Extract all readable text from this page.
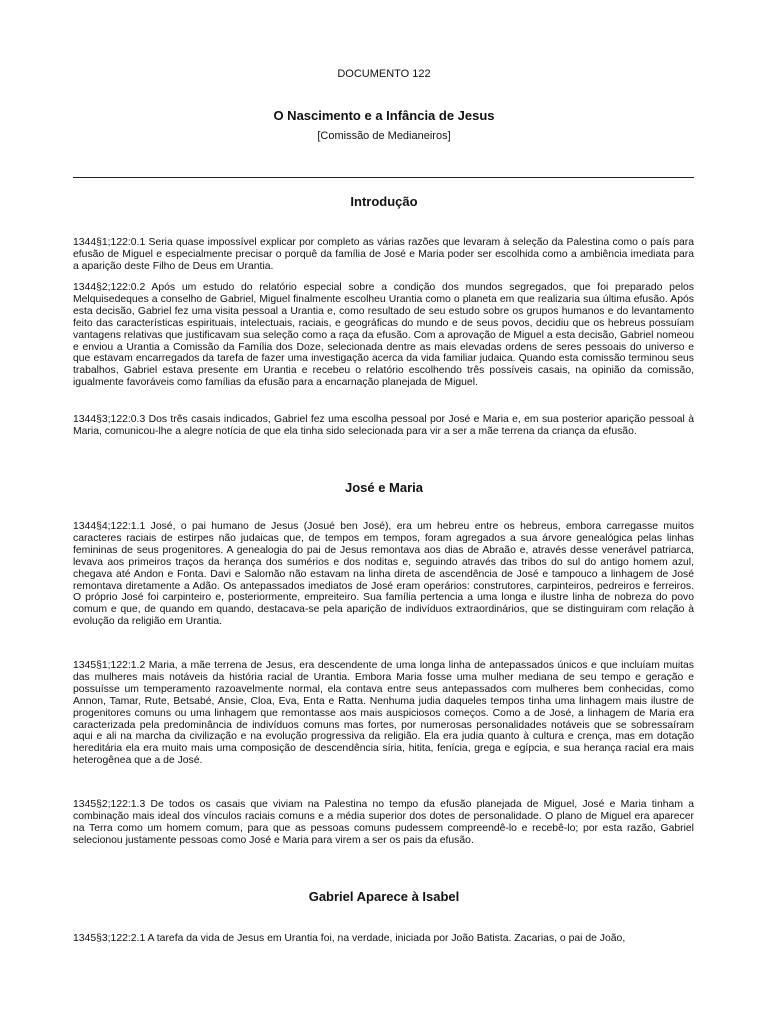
DOCUMENTO 122
O Nascimento e a Infância de Jesus
[Comissão de Medianeiros]
Introdução
1344§1;122:0.1 Seria quase impossível explicar por completo as várias razões que levaram à seleção da Palestina como o país para efusão de Miguel e especialmente precisar o porquê da família de José e Maria poder ser escolhida como a ambiência imediata para a aparição deste Filho de Deus em Urantia.
1344§2;122:0.2 Após um estudo do relatório especial sobre a condição dos mundos segregados, que foi preparado pelos Melquisedeques a conselho de Gabriel, Miguel finalmente escolheu Urantia como o planeta em que realizaria sua última efusão. Após esta decisão, Gabriel fez uma visita pessoal a Urantia e, como resultado de seu estudo sobre os grupos humanos e do levantamento feito das características espirituais, intelectuais, raciais, e geográficas do mundo e de seus povos, decidiu que os hebreus possuíam vantagens relativas que justificavam sua seleção como a raça da efusão. Com a aprovação de Miguel a esta decisão, Gabriel nomeou e enviou a Urantia a Comissão da Família dos Doze, selecionada dentre as mais elevadas ordens de seres pessoais do universo e que estavam encarregados da tarefa de fazer uma investigação acerca da vida familiar judaica. Quando esta comissão terminou seus trabalhos, Gabriel estava presente em Urantia e recebeu o relatório escolhendo três possíveis casais, na opinião da comissão, igualmente favoráveis como famílias da efusão para a encarnação planejada de Miguel.
1344§3;122:0.3 Dos três casais indicados, Gabriel fez uma escolha pessoal por José e Maria e, em sua posterior aparição pessoal à Maria, comunicou-lhe a alegre notícia de que ela tinha sido selecionada para vir a ser a mãe terrena da criança da efusão.
José e Maria
1344§4;122:1.1 José, o pai humano de Jesus (Josué ben José), era um hebreu entre os hebreus, embora carregasse muitos caracteres raciais de estirpes não judaicas que, de tempos em tempos, foram agregados a sua árvore genealógica pelas linhas femininas de seus progenitores. A genealogia do pai de Jesus remontava aos dias de Abraão e, através desse venerável patriarca, levava aos primeiros traços da herança dos sumérios e dos noditas e, seguindo através das tribos do sul do antigo homem azul, chegava até Andon e Fonta. Davi e Salomão não estavam na linha direta de ascendência de José e tampouco a linhagem de José remontava diretamente a Adão. Os antepassados imediatos de José eram operários: construtores, carpinteiros, pedreiros e ferreiros. O próprio José foi carpinteiro e, posteriormente, empreiteiro. Sua família pertencia a uma longa e ilustre linha de nobreza do povo comum e que, de quando em quando, destacava-se pela aparição de indivíduos extraordinários, que se distinguiram com relação à evolução da religião em Urantia.
1345§1;122:1.2 Maria, a mãe terrena de Jesus, era descendente de uma longa linha de antepassados únicos e que incluíam muitas das mulheres mais notáveis da história racial de Urantia. Embora Maria fosse uma mulher mediana de seu tempo e geração e possuísse um temperamento razoavelmente normal, ela contava entre seus antepassados com mulheres bem conhecidas, como Annon, Tamar, Rute, Betsabé, Ansie, Cloa, Eva, Enta e Ratta. Nenhuma judia daqueles tempos tinha uma linhagem mais ilustre de progenitores comuns ou uma linhagem que remontasse aos mais auspiciosos começos. Como a de José, a linhagem de Maria era caracterizada pela predominância de indivíduos comuns mas fortes, por numerosas personalidades notáveis que se sobressaíram aqui e ali na marcha da civilização e na evolução progressiva da religião. Ela era judia quanto à cultura e crença, mas em dotação hereditária ela era muito mais uma composição de descendência síria, hitita, fenícia, grega e egípcia, e sua herança racial era mais heterogênea que a de José.
1345§2;122:1.3 De todos os casais que viviam na Palestina no tempo da efusão planejada de Miguel, José e Maria tinham a combinação mais ideal dos vínculos raciais comuns e a média superior dos dotes de personalidade. O plano de Miguel era aparecer na Terra como um homem comum, para que as pessoas comuns pudessem compreendê-lo e recebê-lo; por esta razão, Gabriel selecionou justamente pessoas como José e Maria para virem a ser os pais da efusão.
Gabriel Aparece à Isabel
1345§3;122:2.1 A tarefa da vida de Jesus em Urantia foi, na verdade, iniciada por João Batista. Zacarias, o pai de João,
